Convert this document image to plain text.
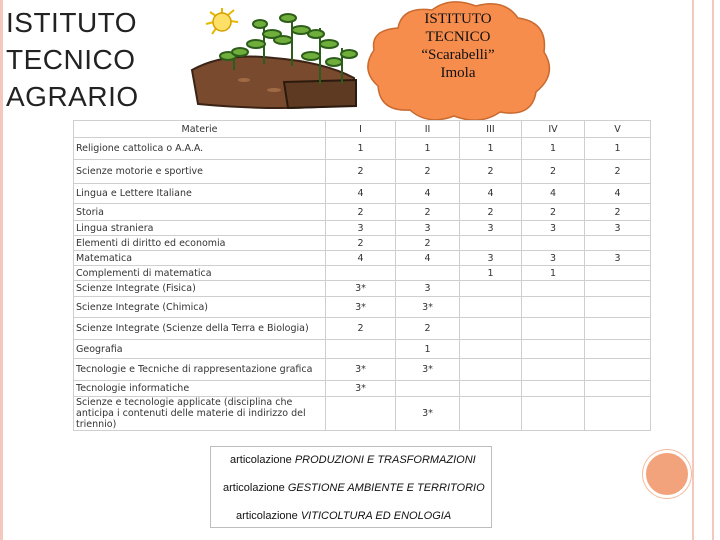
ISTITUTO
TECNICO
AGRARIO
ISTITUTO
TECNICO
“Scarabelli”
Imola
Materie	I	II	III	IV	V
Religione cattolica o A.A.A.	1	1	1	1	1
Scienze motorie e sportive	2	2	2	2	2
Lingua e Lettere Italiane	4	4	4	4	4
Storia	2	2	2	2	2
Lingua straniera	3	3	3	3	3
Elementi di diritto ed economia	2	2			
Matematica	4	4	3	3	3
Complementi di matematica			1	1	
Scienze Integrate (Fisica)	3*	3			
Scienze Integrate (Chimica)	3*	3*			
Scienze Integrate (Scienze della Terra e Biologia)	2	2			
Geografia		1			
Tecnologie e Tecniche di rappresentazione grafica	3*	3*			
Tecnologie informatiche	3*				
Scienze e tecnologie applicate (disciplina che anticipa i contenuti delle materie di indirizzo del triennio)		3*			
articolazione PRODUZIONI E TRASFORMAZIONI
articolazione GESTIONE AMBIENTE E TERRITORIO
articolazione VITICOLTURA ED ENOLOGIA
